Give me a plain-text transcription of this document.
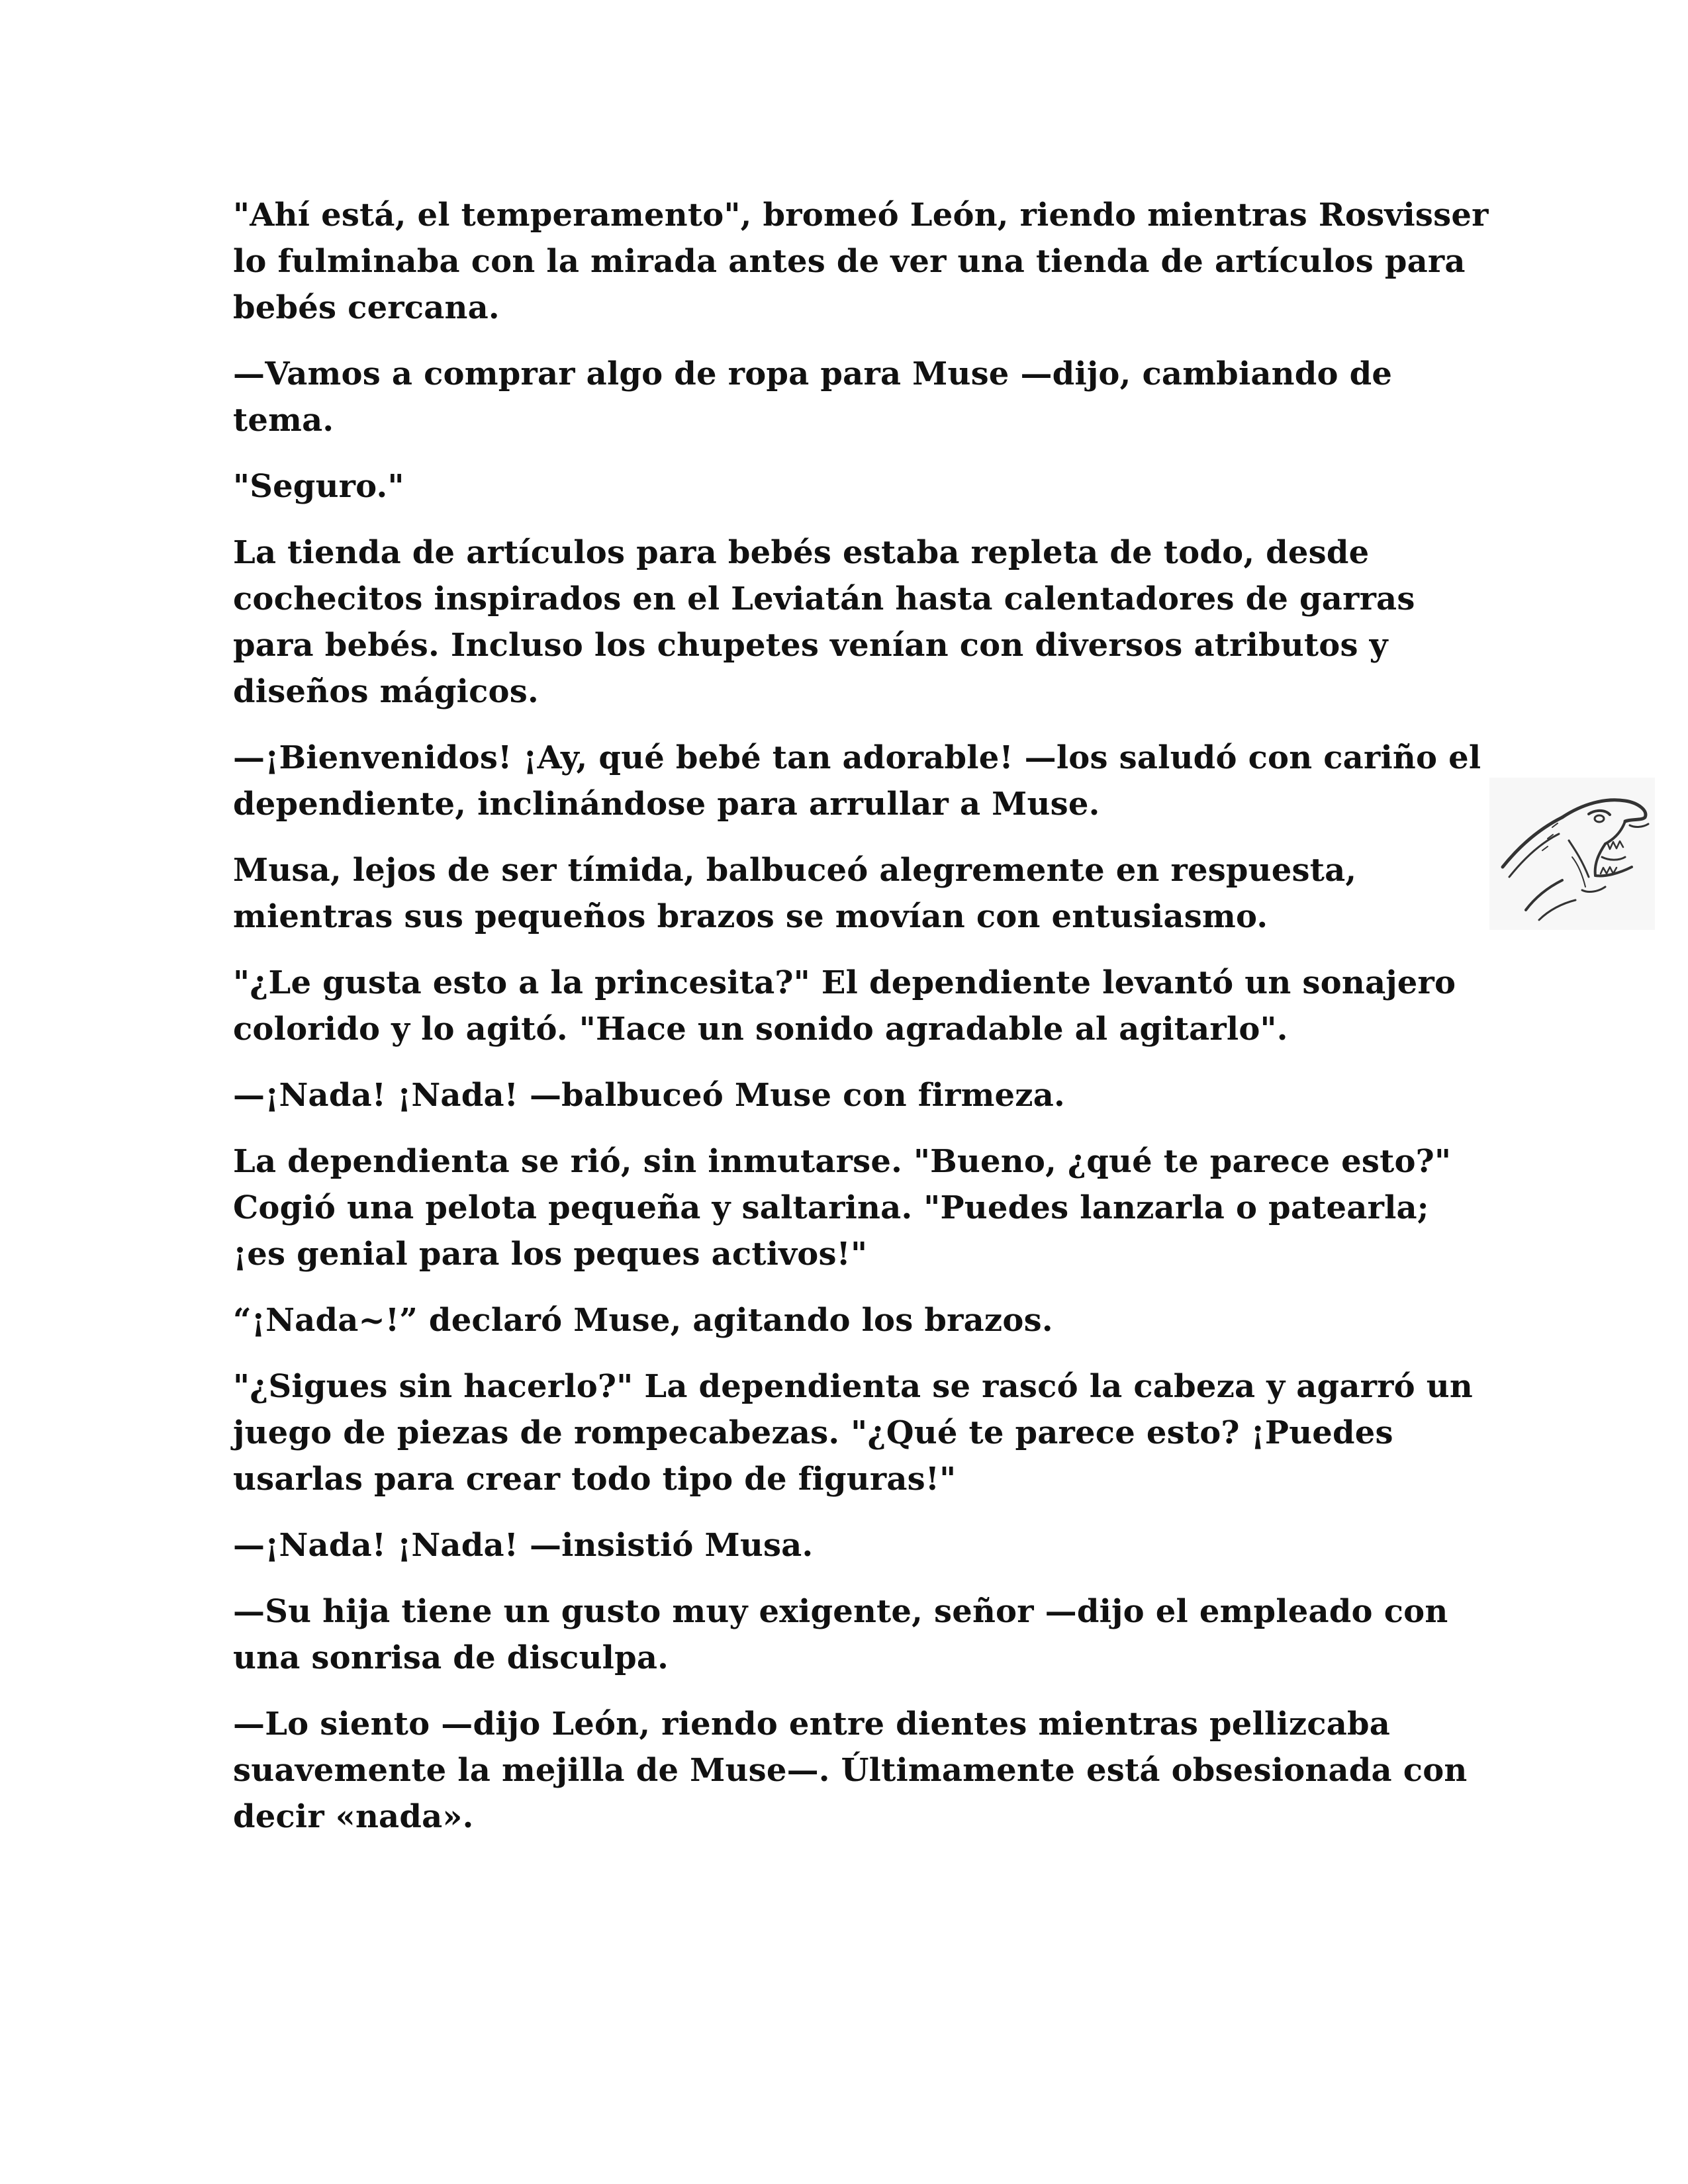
"Ahí está, el temperamento", bromeó León, riendo mientras Rosvisser lo fulminaba con la mirada antes de ver una tienda de artículos para bebés cercana.

—Vamos a comprar algo de ropa para Muse —dijo, cambiando de tema.

"Seguro."

La tienda de artículos para bebés estaba repleta de todo, desde cochecitos inspirados en el Leviatán hasta calentadores de garras para bebés. Incluso los chupetes venían con diversos atributos y diseños mágicos.

—¡Bienvenidos! ¡Ay, qué bebé tan adorable! —los saludó con cariño el dependiente, inclinándose para arrullar a Muse.

Musa, lejos de ser tímida, balbuceó alegremente en respuesta, mientras sus pequeños brazos se movían con entusiasmo.

"¿Le gusta esto a la princesita?" El dependiente levantó un sonajero colorido y lo agitó. "Hace un sonido agradable al agitarlo".

—¡Nada! ¡Nada! —balbuceó Muse con firmeza.

La dependienta se rió, sin inmutarse. "Bueno, ¿qué te parece esto?" Cogió una pelota pequeña y saltarina. "Puedes lanzarla o patearla; ¡es genial para los peques activos!"

“¡Nada~!” declaró Muse, agitando los brazos.

"¿Sigues sin hacerlo?" La dependienta se rascó la cabeza y agarró un juego de piezas de rompecabezas. "¿Qué te parece esto? ¡Puedes usarlas para crear todo tipo de figuras!"

—¡Nada! ¡Nada! —insistió Musa.

—Su hija tiene un gusto muy exigente, señor —dijo el empleado con una sonrisa de disculpa.

—Lo siento —dijo León, riendo entre dientes mientras pellizcaba suavemente la mejilla de Muse—. Últimamente está obsesionada con decir «nada».
